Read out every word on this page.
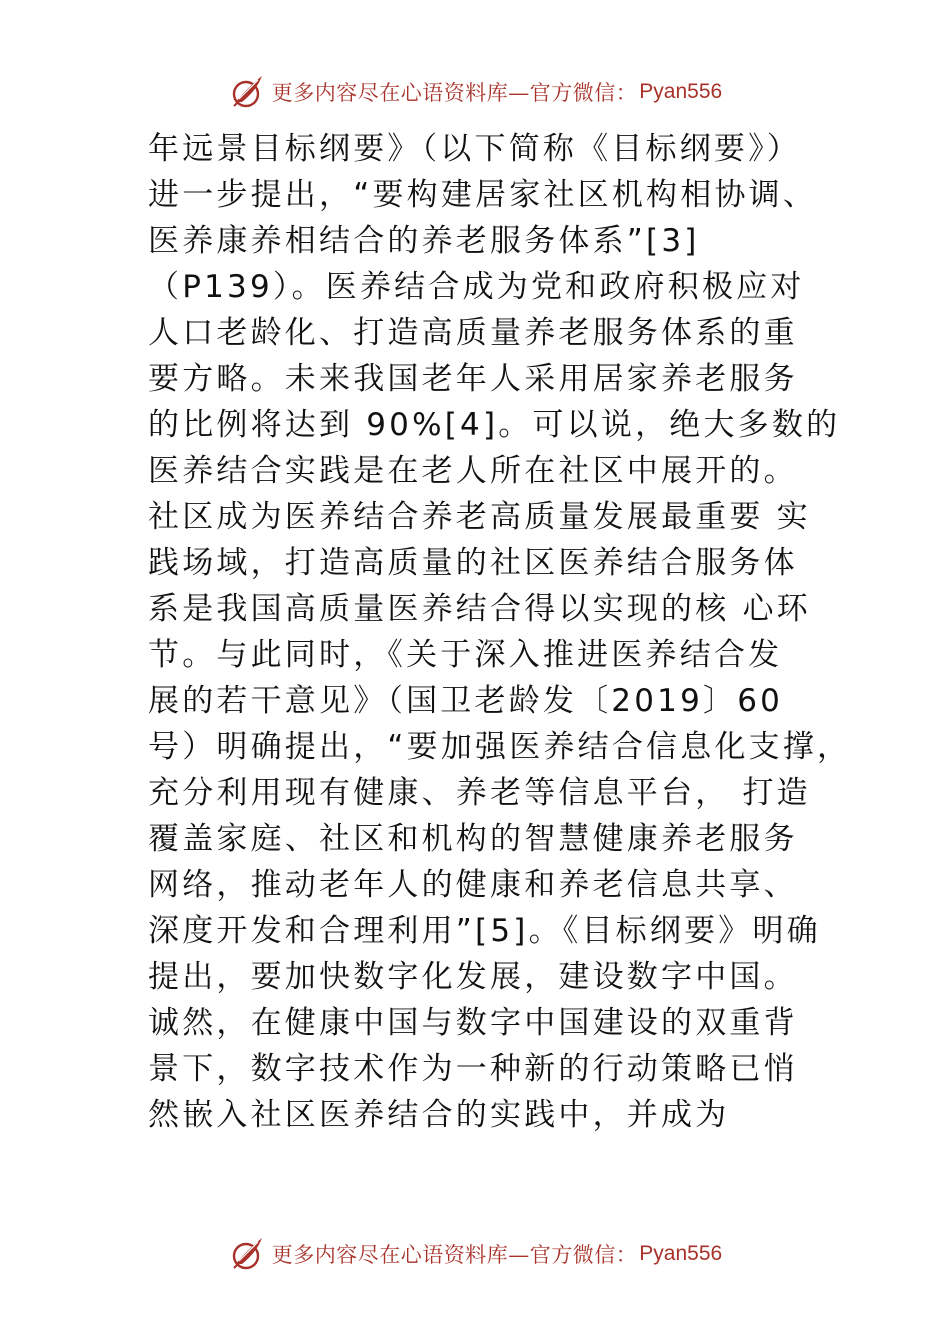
更多内容尽在心语资料库—官方微信： Pyan556
年远景目标纲要》（以下简称《目标纲要》）
进一步提出，“要构建居家社区机构相协调、
医养康养相结合的养老服务体系”[3]
（P139）。医养结合成为党和政府积极应对
人口老龄化、打造高质量养老服务体系的重
要方略。未来我国老年人采用居家养老服务
的比例将达到 90%[4]。可以说，绝大多数的
医养结合实践是在老人所在社区中展开的。
社区成为医养结合养老高质量发展最重要 实
践场域，打造高质量的社区医养结合服务体
系是我国高质量医养结合得以实现的核 心环
节。与此同时，《关于深入推进医养结合发
展的若干意见》（国卫老龄发〔2019〕60
号）明确提出，“要加强医养结合信息化支撑，
充分利用现有健康、养老等信息平台， 打造
覆盖家庭、社区和机构的智慧健康养老服务
网络，推动老年人的健康和养老信息共享、
深度开发和合理利用”[5]。《目标纲要》明确
提出，要加快数字化发展，建设数字中国。
诚然，在健康中国与数字中国建设的双重背
景下，数字技术作为一种新的行动策略已悄
然嵌入社区医养结合的实践中，并成为
更多内容尽在心语资料库—官方微信： Pyan556
